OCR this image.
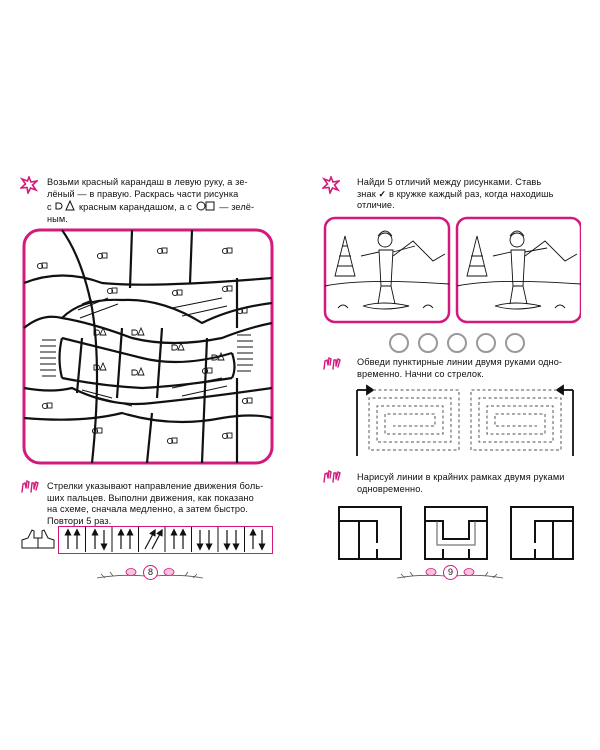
Возьми красный карандаш в левую руку, а зе-
лёный — в правую. Раскрась части рисунка
с	красным карандашом, а с	— зелё-
ным.
Стрелки указывают направление движения боль-
ших пальцев. Выполни движения, как показано
на схеме, сначала медленно, а затем быстро.
Повтори 5 раз.
8
Найди 5 отличий между рисунками. Ставь
знак ✓ в кружке каждый раз, когда находишь
отличие.
Обведи пунктирные линии двумя руками одно-
временно. Начни со стрелок.
Нарисуй линии в крайних рамках двумя руками
одновременно.
9
